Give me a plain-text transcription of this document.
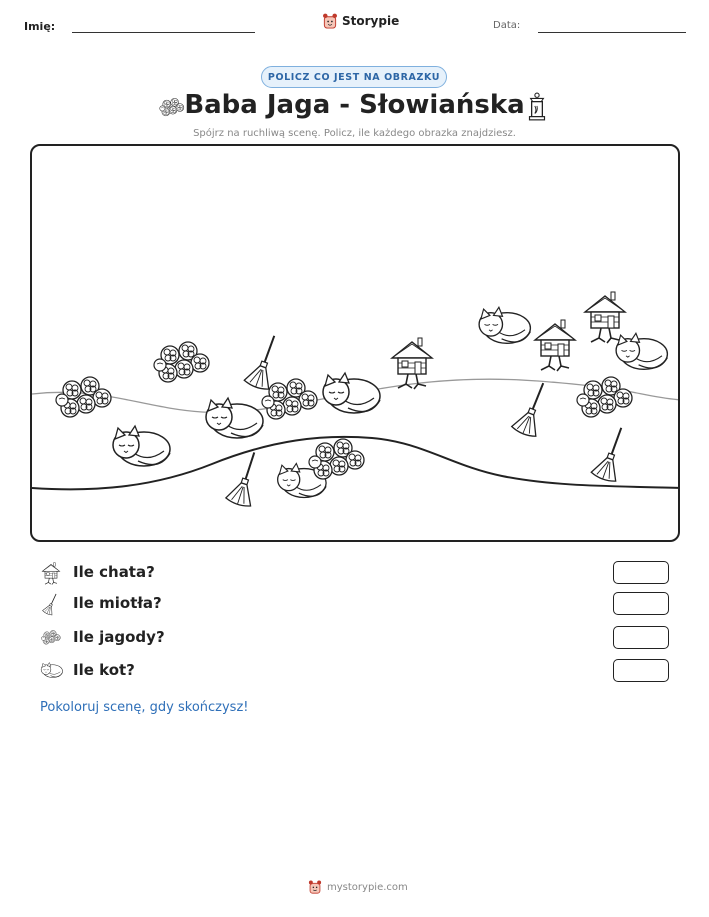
Imię:	Storypie	Data:
POLICZ CO JEST NA OBRAZKU
Baba Jaga - Słowiańska
Spójrz na ruchliwą scenę. Policz, ile każdego obrazka znajdziesz.
Ile chata?
Ile miotła?
Ile jagody?
Ile kot?
Pokoloruj scenę, gdy skończysz!
mystorypie.com
